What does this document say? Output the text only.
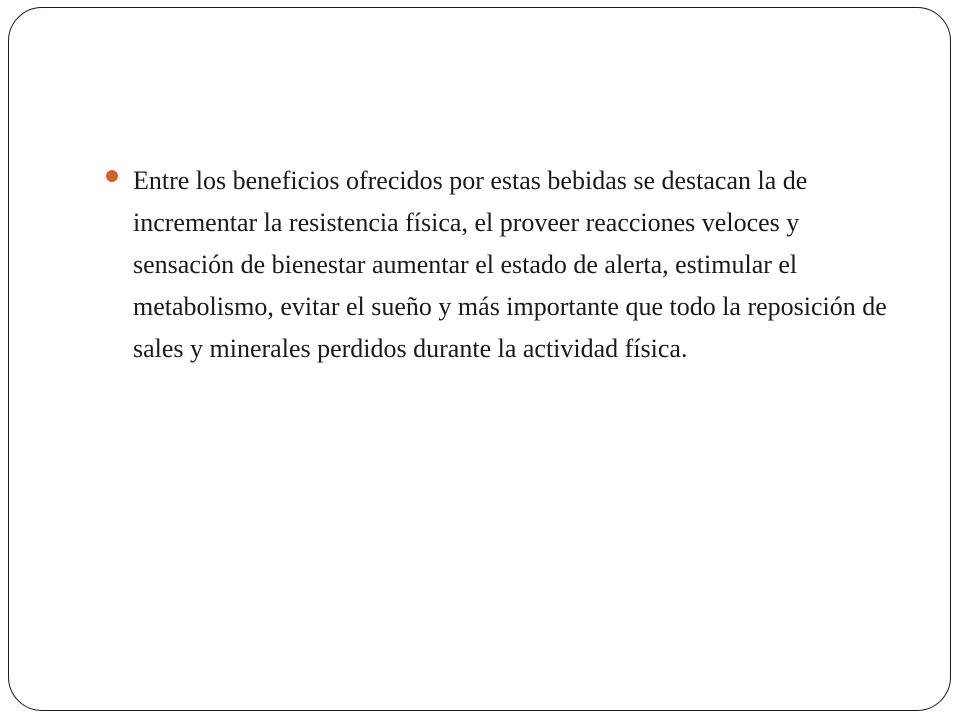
Entre los beneficios ofrecidos por estas bebidas se destacan la de incrementar la resistencia física, el proveer reacciones veloces y sensación de bienestar aumentar el estado de alerta, estimular el metabolismo, evitar el sueño y más importante que todo la reposición de sales y minerales perdidos durante la actividad física.
